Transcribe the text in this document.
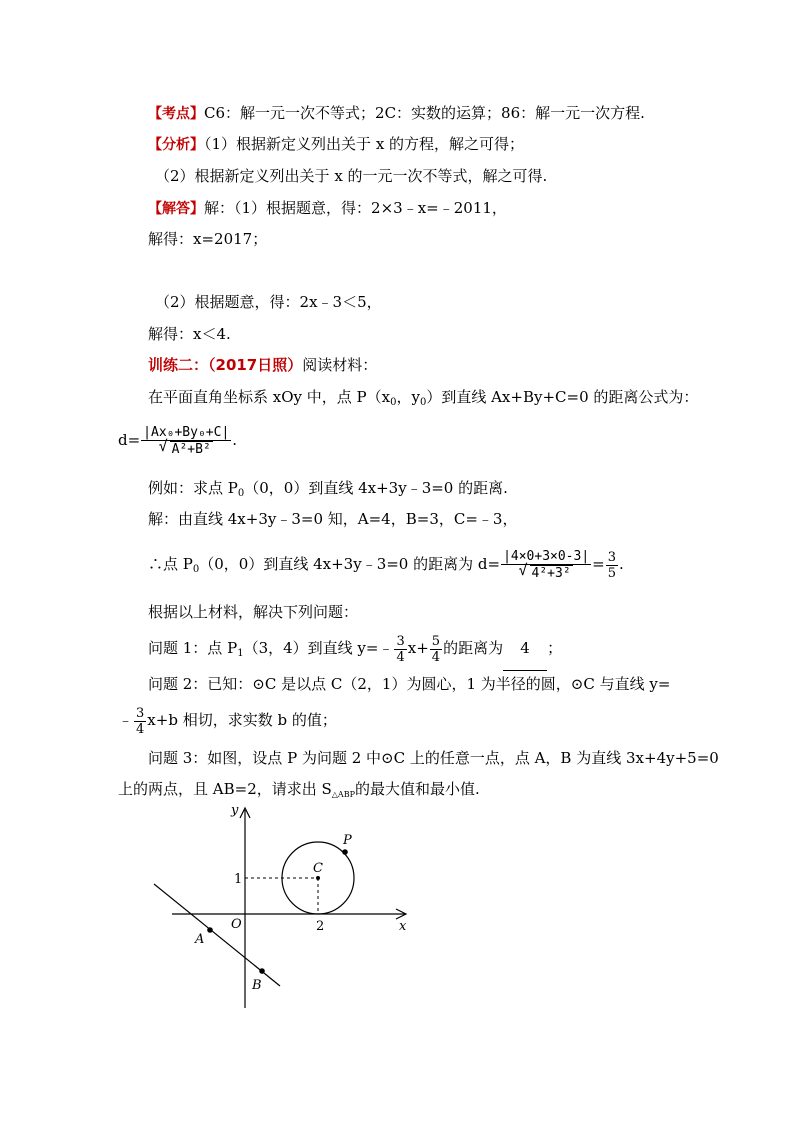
【考点】C6：解一元一次不等式；2C：实数的运算；86：解一元一次方程.
【分析】（1）根据新定义列出关于 x 的方程，解之可得；
（2）根据新定义列出关于 x 的一元一次不等式，解之可得.
【解答】解：（1）根据题意，得：2×3﹣x=﹣2011，
解得：x=2017；
（2）根据题意，得：2x﹣3＜5，
解得：x＜4.
训练二：（2017日照）阅读材料：
在平面直角坐标系 xOy 中，点 $P(x_0$，$y_0$）到直线 Ax+By+C=0 的距离公式为：
d= |Ax₀+By₀+C|
√ A²+B² .
例如：求点 $P_0(0$，0）到直线 4x+3y﹣3=0 的距离.
解：由直线 4x+3y﹣3=0 知，A=4，B=3，C=﹣3，
∴点 $P_0(0$，0）到直线 4x+3y﹣3=0 的距离为 d= |4×0+3×0-3|
√ $4^2+3^2 = \frac{3}{5}$ .
根据以上材料，解决下列问题：
问题 1：点 $P_1(3$，4）到直线 y=﹣ $\frac{3}{4} x+ \frac{5}{4}$ 的距离为 4 ；
问题 2：已知：⊙C 是以点 C（2，1）为圆心，1 为半径的圆，⊙C 与直线 y=
﹣ $\frac{3}{4} x+b$ 相切，求实数 b 的值；
问题 3：如图，设点 P 为问题 2 中⊙C 上的任意一点，点 A，B 为直线 3x+4y+5=0
上的两点，且 AB=2，请求出 $S_{\triangle ABP}$的最大值和最小值.
y
x
O
1
2
C
P
A
B
